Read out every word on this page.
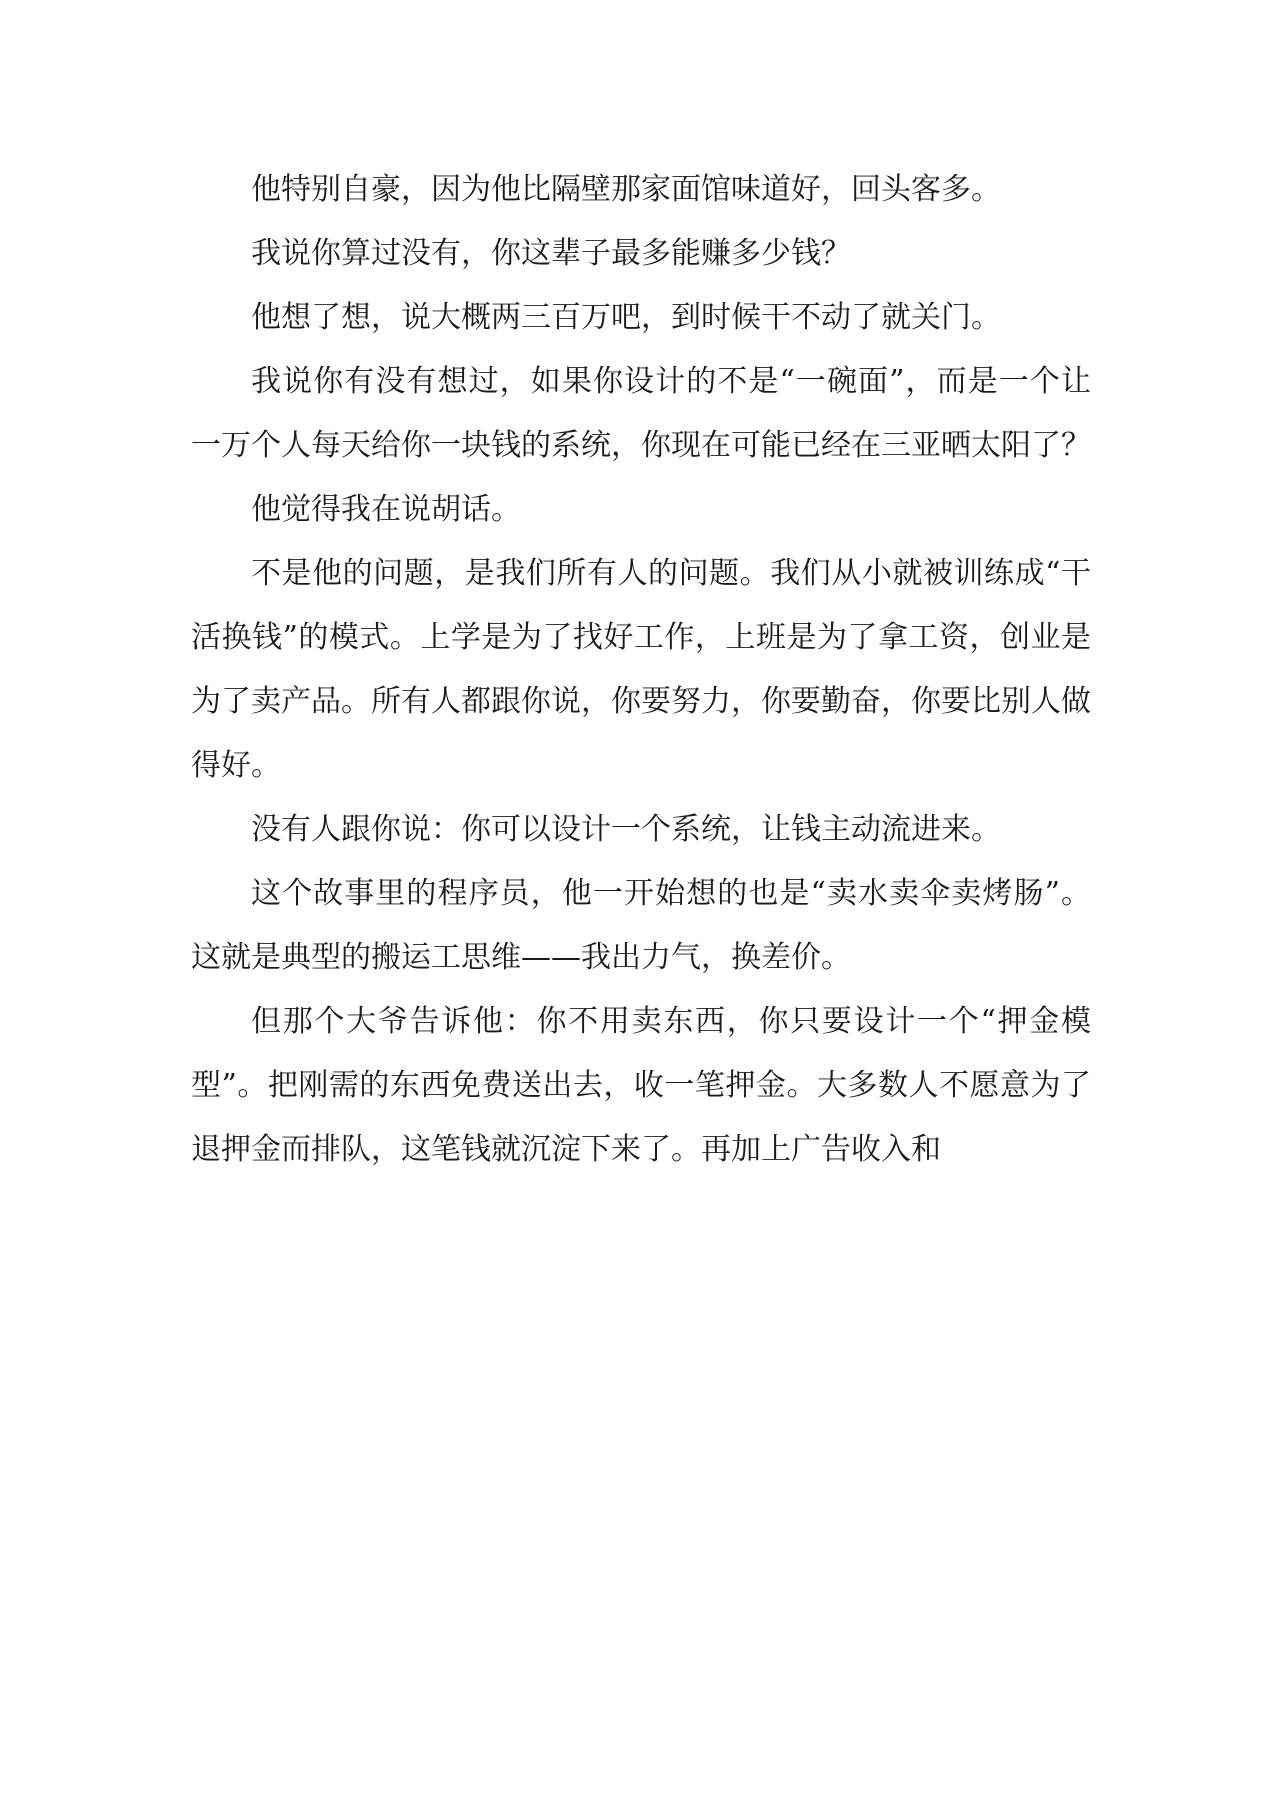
他特别自豪，因为他比隔壁那家面馆味道好，回头客多。

我说你算过没有，你这辈子最多能赚多少钱？

他想了想，说大概两三百万吧，到时候干不动了就关门。

我说你有没有想过，如果你设计的不是“一碗面”，而是一个让一万个人每天给你一块钱的系统，你现在可能已经在三亚晒太阳了？

他觉得我在说胡话。

不是他的问题，是我们所有人的问题。我们从小就被训练成“干活换钱”的模式。上学是为了找好工作，上班是为了拿工资，创业是为了卖产品。所有人都跟你说，你要努力，你要勤奋，你要比别人做得好。

没有人跟你说：你可以设计一个系统，让钱主动流进来。

这个故事里的程序员，他一开始想的也是“卖水卖伞卖烤肠”。这就是典型的搬运工思维——我出力气，换差价。

但那个大爷告诉他：你不用卖东西，你只要设计一个“押金模型”。把刚需的东西免费送出去，收一笔押金。大多数人不愿意为了退押金而排队，这笔钱就沉淀下来了。再加上广告收入和
